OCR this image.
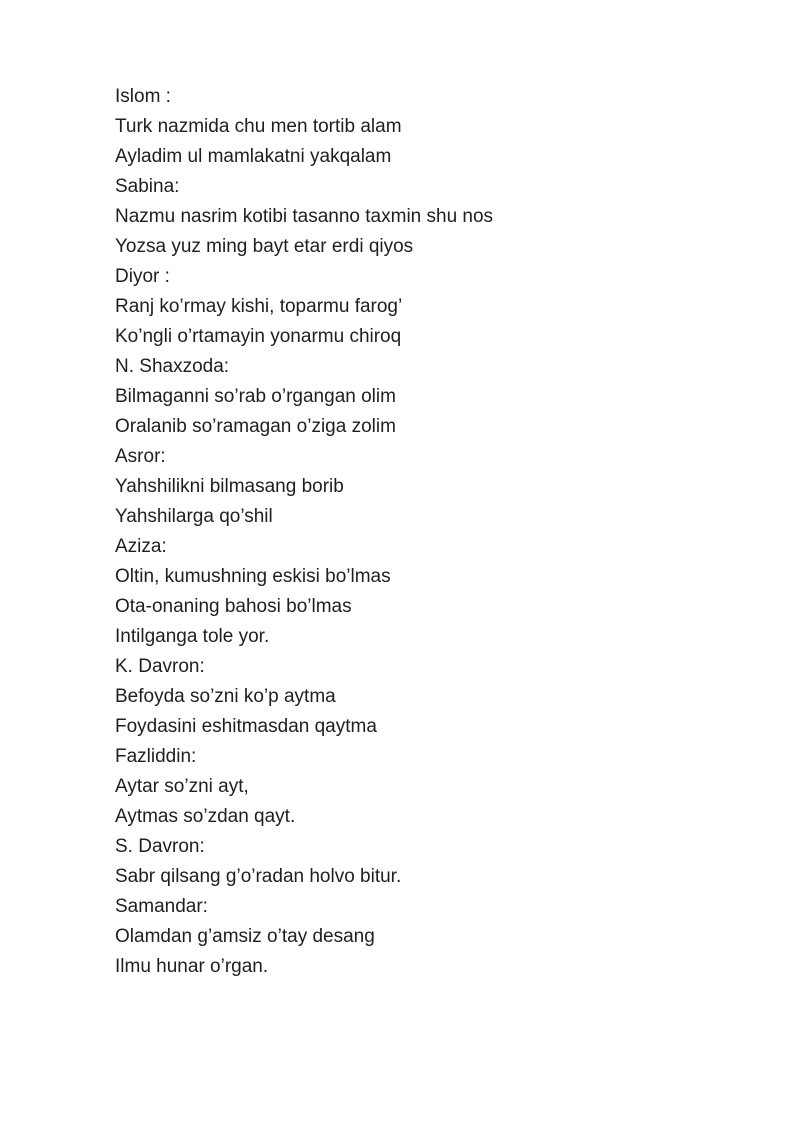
Islom :
Turk nazmida chu men tortib alam
Ayladim ul mamlakatni yakqalam
Sabina:
Nazmu nasrim kotibi tasanno taxmin shu nos
Yozsa yuz ming bayt etar erdi qiyos
Diyor :
Ranj ko’rmay kishi, toparmu farog’
Ko’ngli o’rtamayin yonarmu chiroq
N. Shaxzoda:
Bilmaganni so’rab o’rgangan olim
Oralanib so’ramagan o’ziga zolim
Asror:
Yahshilikni bilmasang borib
Yahshilarga qo’shil
Aziza:
Oltin, kumushning eskisi bo’lmas
Ota-onaning bahosi bo’lmas
Intilganga tole yor.
K. Davron:
Befoyda so’zni ko’p aytma
Foydasini eshitmasdan qaytma
Fazliddin:
Aytar so’zni ayt,
Aytmas so’zdan qayt.
S. Davron:
Sabr qilsang g’o’radan holvo bitur.
Samandar:
Olamdan g’amsiz o’tay desang
Ilmu hunar o’rgan.
